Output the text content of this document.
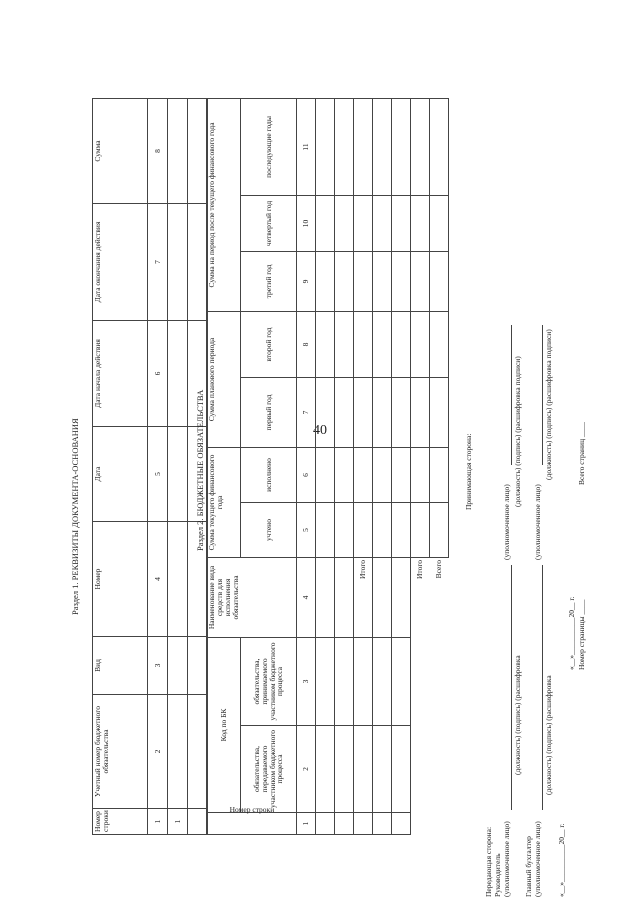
40
Раздел 1. РЕКВИЗИТЫ ДОКУМЕНТА-ОСНОВАНИЯ
Номер строки	Учетный номер бюджетного обязательства	Вид	Номер	Дата	Дата начала действия	Дата окончания действия	Сумма
1	2	3	4	5	6	7	8
1							

Раздел 2. БЮДЖЕТНЫЕ ОБЯЗАТЕЛЬСТВА
Номер строки	Код по БК		Наименование вида средств для исполнения обязательства	Сумма текущего финансового года		Сумма планового периода		Сумма на период после текущего финансового года		
	обязательства, передаваемого участником бюджетного процесса	обязательства, принимаемого участником бюджетного процесса		учтено	исполнено	первый год	второй год	третий год	четвертый год	последующие годы
1	2	3	4	5	6	7	8	9	10	11

			Итого							

			Итого							
			Всего							
Передающая сторона: Руководитель (уполномоченное лицо)
(должность) (подпись) (расшифровка
Главный бухгалтер (уполномоченное лицо)
(должность) (подпись) (расшифровка
«__»__________20__ г.
Принимающая сторона:
(уполномоченное лицо)
(должность) (подпись) (расшифровка подписи)
(уполномоченное лицо)
(должность) (подпись) (расшифровка подписи)
«__»__________20__ г. Номер страницы ____
Всего страниц ____
